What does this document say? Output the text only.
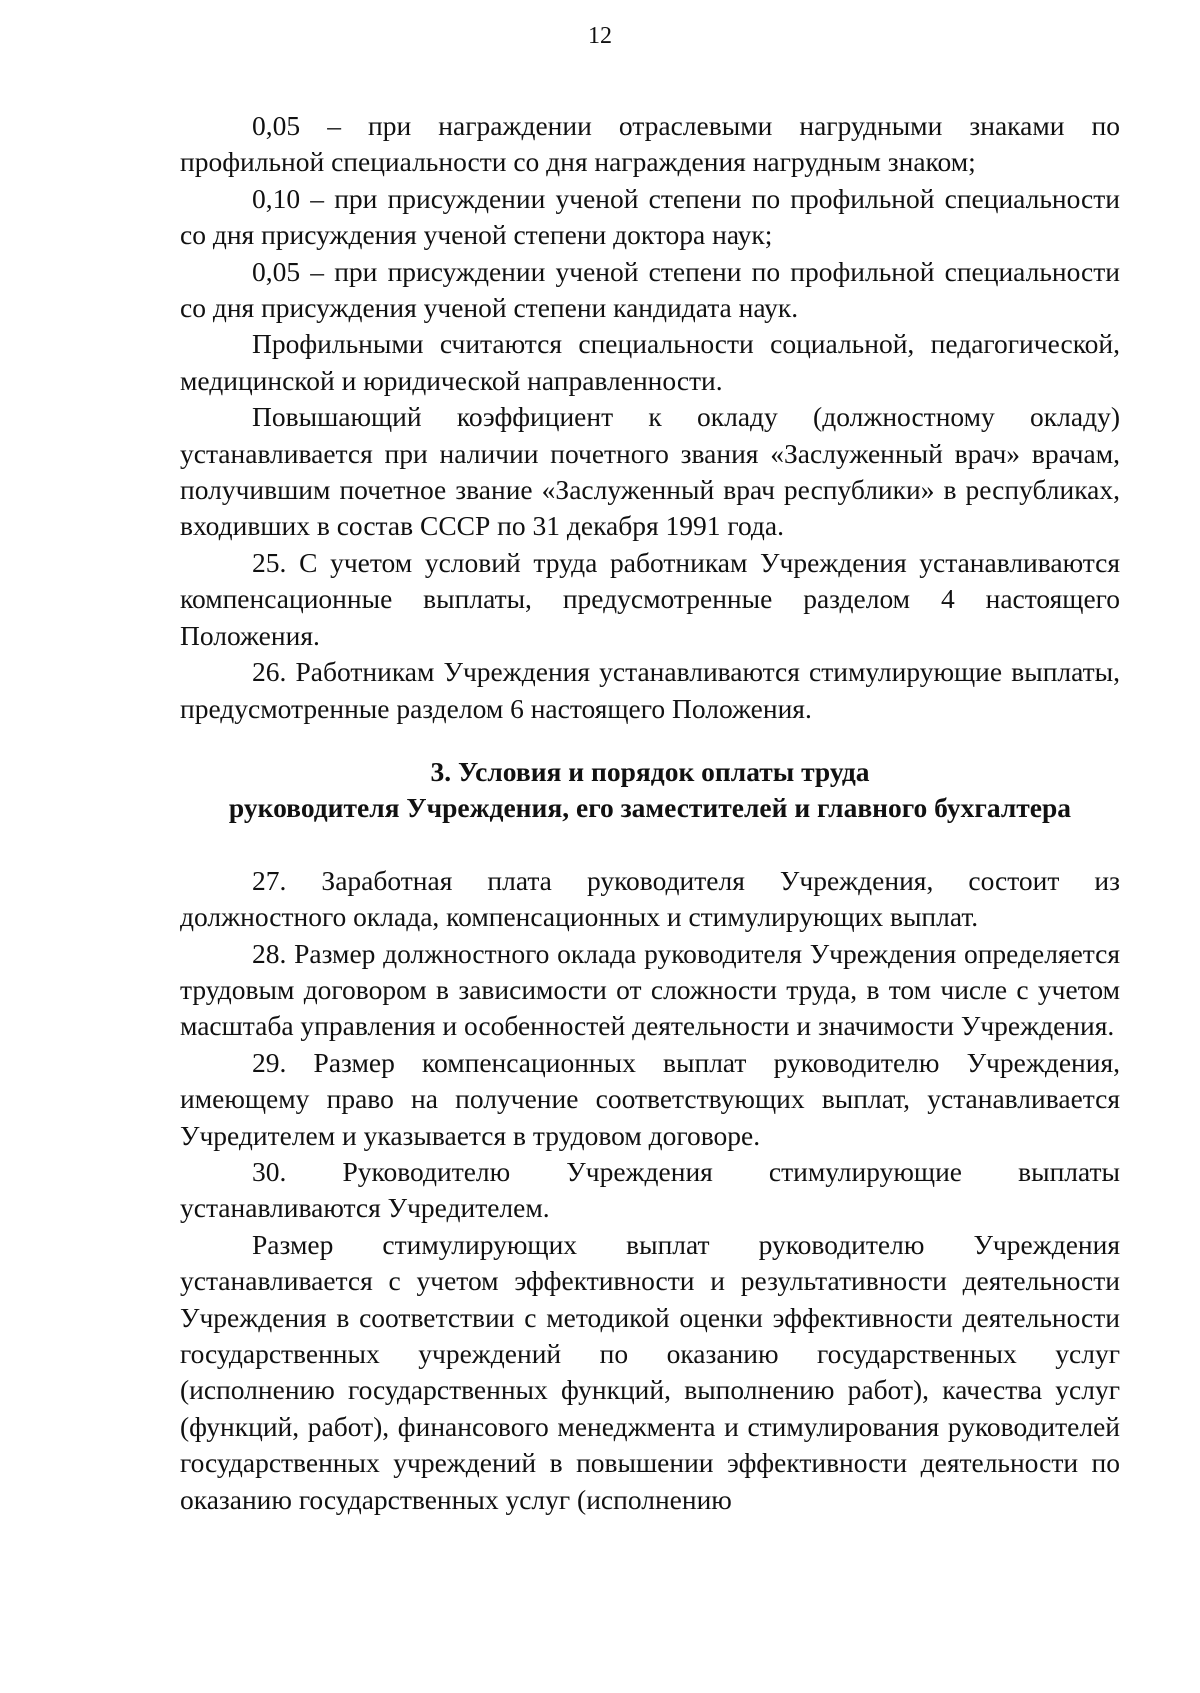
12

0,05 – при награждении отраслевыми нагрудными знаками по профильной специальности со дня награждения нагрудным знаком;

0,10 – при присуждении ученой степени по профильной специальности со дня присуждения ученой степени доктора наук;

0,05 – при присуждении ученой степени по профильной специальности со дня присуждения ученой степени кандидата наук.

Профильными считаются специальности социальной, педагогической, медицинской и юридической направленности.

Повышающий коэффициент к окладу (должностному окладу) устанавливается при наличии почетного звания «Заслуженный врач» врачам, получившим почетное звание «Заслуженный врач республики» в республиках, входивших в состав СССР по 31 декабря 1991 года.

25. С учетом условий труда работникам Учреждения устанавливаются компенсационные выплаты, предусмотренные разделом 4 настоящего Положения.

26. Работникам Учреждения устанавливаются стимулирующие выплаты, предусмотренные разделом 6 настоящего Положения.

3. Условия и порядок оплаты труда
руководителя Учреждения, его заместителей и главного бухгалтера

27. Заработная плата руководителя Учреждения, состоит из должностного оклада, компенсационных и стимулирующих выплат.

28. Размер должностного оклада руководителя Учреждения определяется трудовым договором в зависимости от сложности труда, в том числе с учетом масштаба управления и особенностей деятельности и значимости Учреждения.

29. Размер компенсационных выплат руководителю Учреждения, имеющему право на получение соответствующих выплат, устанавливается Учредителем и указывается в трудовом договоре.

30. Руководителю Учреждения стимулирующие выплаты устанавливаются Учредителем.

Размер стимулирующих выплат руководителю Учреждения устанавливается с учетом эффективности и результативности деятельности Учреждения в соответствии с методикой оценки эффективности деятельности государственных учреждений по оказанию государственных услуг (исполнению государственных функций, выполнению работ), качества услуг (функций, работ), финансового менеджмента и стимулирования руководителей государственных учреждений в повышении эффективности деятельности по оказанию государственных услуг (исполнению
